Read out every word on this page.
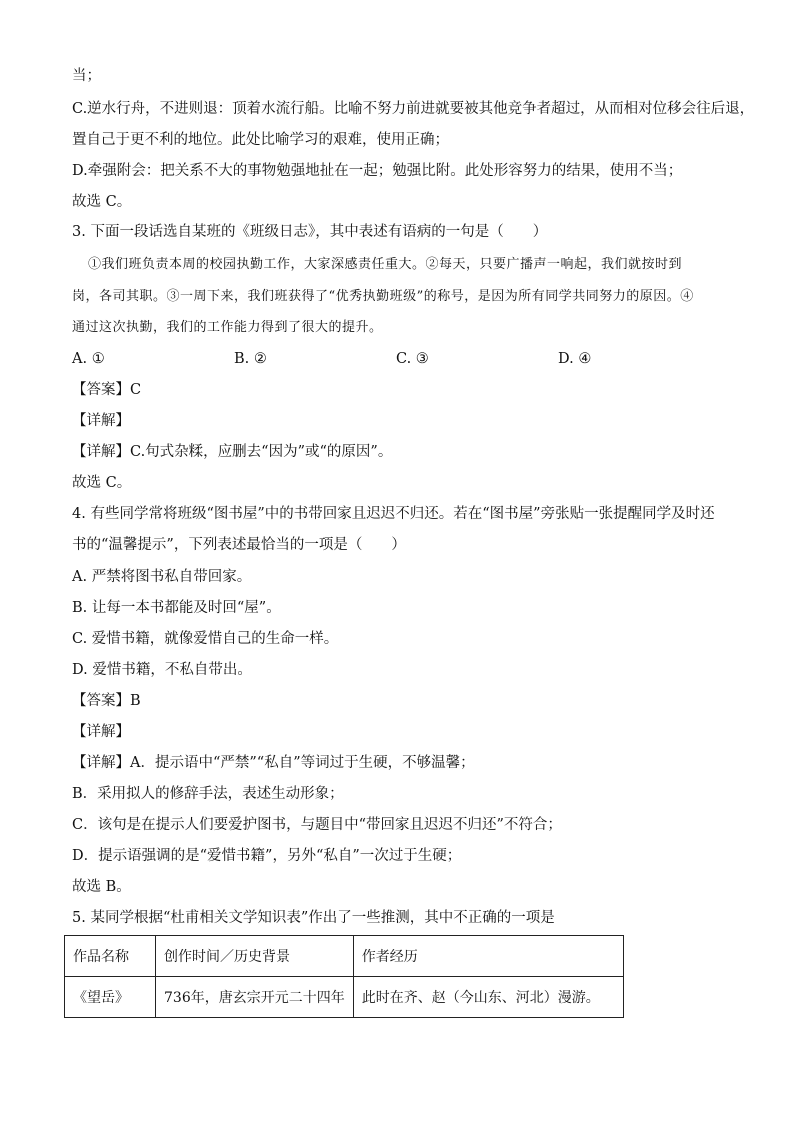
当；
C.逆水行舟，不进则退：顶着水流行船。比喻不努力前进就要被其他竞争者超过，从而相对位移会往后退，
置自己于更不利的地位。此处比喻学习的艰难，使用正确；
D.牵强附会：把关系不大的事物勉强地扯在一起；勉强比附。此处形容努力的结果，使用不当；
故选 C。
3. 下面一段话选自某班的《班级日志》，其中表述有语病的一句是（　　）
①我们班负责本周的校园执勤工作，大家深感责任重大。②每天，只要广播声一响起，我们就按时到
岗，各司其职。③一周下来，我们班获得了“优秀执勤班级”的称号，是因为所有同学共同努力的原因。④
通过这次执勤，我们的工作能力得到了很大的提升。
A. ①	B. ②	C. ③	D. ④
【答案】C
【详解】
【详解】C.句式杂糅，应删去“因为”或“的原因”。
故选 C。
4. 有些同学常将班级“图书屋”中的书带回家且迟迟不归还。若在“图书屋”旁张贴一张提醒同学及时还
书的“温馨提示”，下列表述最恰当的一项是（　　）
A. 严禁将图书私自带回家。
B. 让每一本书都能及时回“屋”。
C. 爱惜书籍，就像爱惜自己的生命一样。
D. 爱惜书籍，不私自带出。
【答案】B
【详解】
【详解】A．提示语中“严禁”“私自”等词过于生硬，不够温馨；
B．采用拟人的修辞手法，表述生动形象；
C．该句是在提示人们要爱护图书，与题目中“带回家且迟迟不归还”不符合；
D．提示语强调的是“爱惜书籍”，另外“私自”一次过于生硬；
故选 B。
5. 某同学根据“杜甫相关文学知识表”作出了一些推测，其中不正确的一项是
作品名称	创作时间／历史背景	作者经历
《望岳》	736年，唐玄宗开元二十四年	此时在齐、赵（今山东、河北）漫游。
